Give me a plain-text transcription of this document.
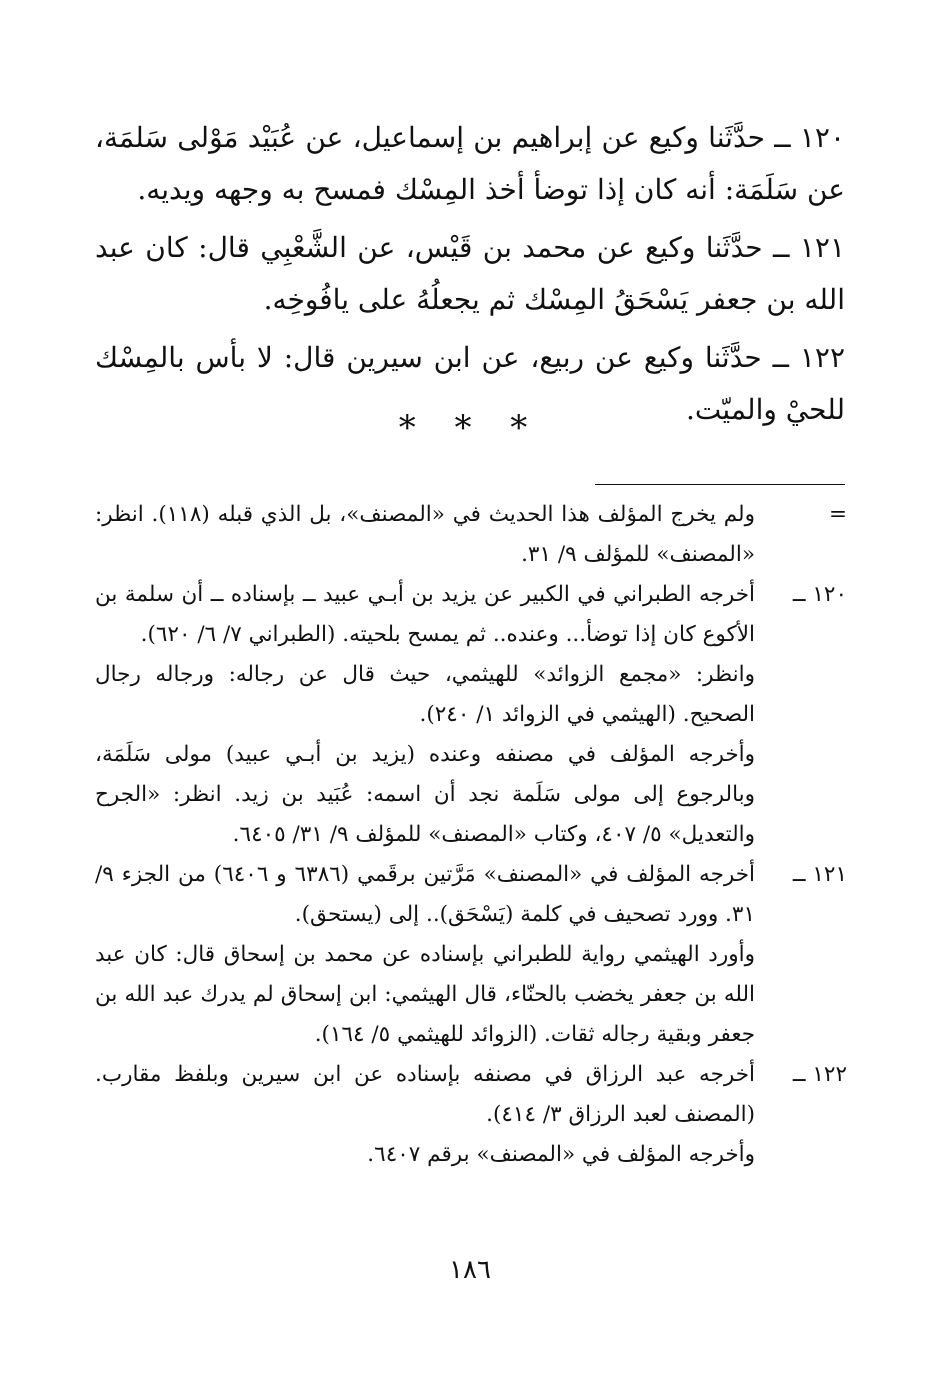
١٢٠ ــ حدَّثَنا وكيع عن إبراهيم بن إسماعيل، عن عُبَيْد مَوْلى سَلمَة، عن سَلَمَة: أنه كان إذا توضأ أخذ المِسْك فمسح به وجهه ويديه.

١٢١ ــ حدَّثَنا وكيع عن محمد بن قَيْس، عن الشَّعْبِي قال: كان عبد الله بن جعفر يَسْحَقُ المِسْك ثم يجعلُهُ على يافُوخِه.

١٢٢ ــ حدَّثَنا وكيع عن ربيع، عن ابن سيرين قال: لا بأس بالمِسْك للحيْ والميّت.

* * *
=

ولم يخرج المؤلف هذا الحديث في «المصنف»، بل الذي قبله (١١٨). انظر: «المصنف» للمؤلف ٩/ ٣١.

١٢٠ ــ

أخرجه الطبراني في الكبير عن يزيد بن أبـي عبيد ــ بإسناده ــ أن سلمة بن الأكوع كان إذا توضأ... وعنده.. ثم يمسح بلحيته. (الطبراني ٧/ ٦/ ٦٢٠).

وانظر: «مجمع الزوائد» للهيثمي، حيث قال عن رجاله: ورجاله رجال الصحيح. (الهيثمي في الزوائد ١/ ٢٤٠).

وأخرجه المؤلف في مصنفه وعنده (يزيد بن أبـي عبيد) مولى سَلَمَة، وبالرجوع إلى مولى سَلَمة نجد أن اسمه: عُبَيد بن زيد. انظر: «الجرح والتعديل» ٥/ ٤٠٧، وكتاب «المصنف» للمؤلف ٩/ ٣١/ ٦٤٠٥.

١٢١ ــ

أخرجه المؤلف في «المصنف» مَرَّتين برقَمي (٦٣٨٦ و ٦٤٠٦) من الجزء ٩/ ٣١. وورد تصحيف في كلمة (يَسْحَق).. إلى (يستحق).

وأورد الهيثمي رواية للطبراني بإسناده عن محمد بن إسحاق قال: كان عبد الله بن جعفر يخضب بالحنّاء، قال الهيثمي: ابن إسحاق لم يدرك عبد الله بن جعفر وبقية رجاله ثقات. (الزوائد للهيثمي ٥/ ١٦٤).

١٢٢ ــ

أخرجه عبد الرزاق في مصنفه بإسناده عن ابن سيرين وبلفظ مقارب. (المصنف لعبد الرزاق ٣/ ٤١٤).

وأخرجه المؤلف في «المصنف» برقم ٦٤٠٧.

١٨٦
